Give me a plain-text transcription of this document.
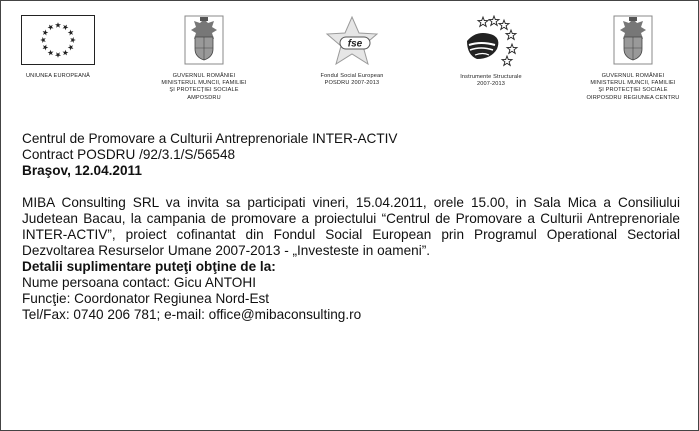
UNIUNEA EUROPEANĂ	GUVERNUL ROMÂNIEI
MINISTERUL MUNCII, FAMILIEI
ŞI PROTECŢIEI SOCIALE
AMPOSDRU
fse
Fondul Social European
POSDRU 2007-2013
Instrumente Structurale
2007-2013
GUVERNUL ROMÂNIEI
MINISTERUL MUNCII, FAMILIEI
ŞI PROTECŢIEI SOCIALE
OIRPOSDRU REGIUNEA CENTRU

Centrul de Promovare a Culturii Antreprenoriale INTER-ACTIV

Contract POSDRU /92/3.1/S/56548

Braşov, 12.04.2011

MIBA Consulting SRL va invita sa participati vineri, 15.04.2011, orele 15.00, in Sala Mica a Consiliului Judetean Bacau, la campania de promovare a proiectului “Centrul de Promovare a Culturii Antreprenoriale INTER-ACTIV”, proiect cofinantat din Fondul Social European prin Programul Operational Sectorial Dezvoltarea Resurselor Umane 2007-2013 - „Investeste in oameni”.

Detalii suplimentare puteţi obţine de la:

Nume persoana contact: Gicu ANTOHI

Funcţie: Coordonator Regiunea Nord-Est

Tel/Fax: 0740 206 781; e-mail: office@mibaconsulting.ro
